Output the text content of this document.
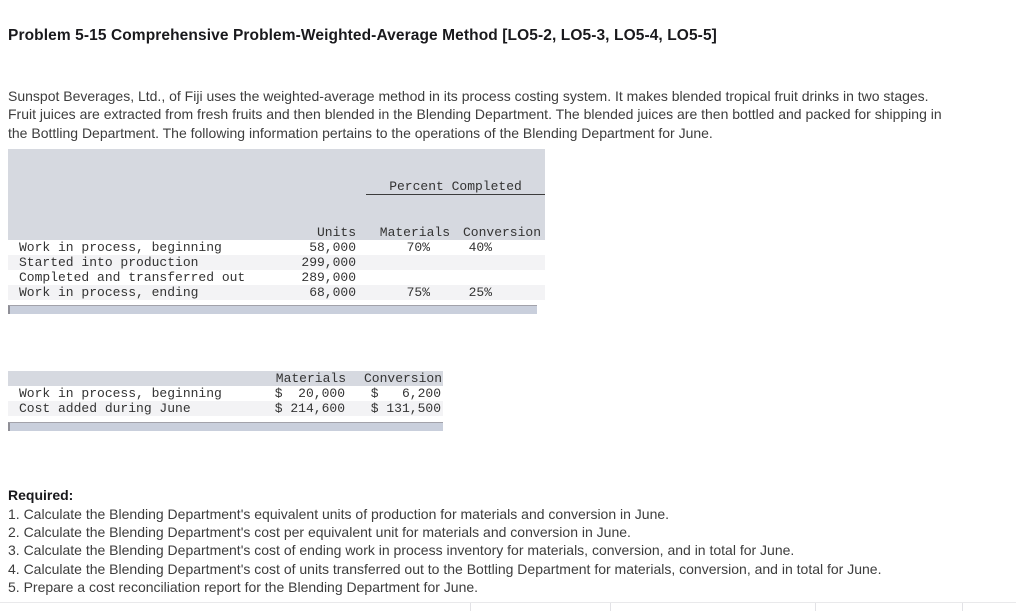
Problem 5-15 Comprehensive Problem-Weighted-Average Method [LO5-2, LO5-3, LO5-4, LO5-5]

Sunspot Beverages, Ltd., of Fiji uses the weighted-average method in its process costing system. It makes blended tropical fruit drinks in two stages. Fruit juices are extracted from fresh fruits and then blended in the Blending Department. The blended juices are then bottled and packed for shipping in the Bottling Department. The following information pertains to the operations of the Blending Department for June.

		Percent Completed	

	Units	Materials	Conversion
Work in process, beginning	58,000	70%	40%
Started into production	299,000		
Completed and transferred out	289,000		
Work in process, ending	68,000	75%	25%
	Materials	Conversion
Work in process, beginning	$  20,000	$   6,200
Cost added during June	$ 214,600	$ 131,500
Required:
1. Calculate the Blending Department's equivalent units of production for materials and conversion in June.
2. Calculate the Blending Department's cost per equivalent unit for materials and conversion in June.
3. Calculate the Blending Department's cost of ending work in process inventory for materials, conversion, and in total for June.
4. Calculate the Blending Department's cost of units transferred out to the Bottling Department for materials, conversion, and in total for June.
5. Prepare a cost reconciliation report for the Blending Department for June.
